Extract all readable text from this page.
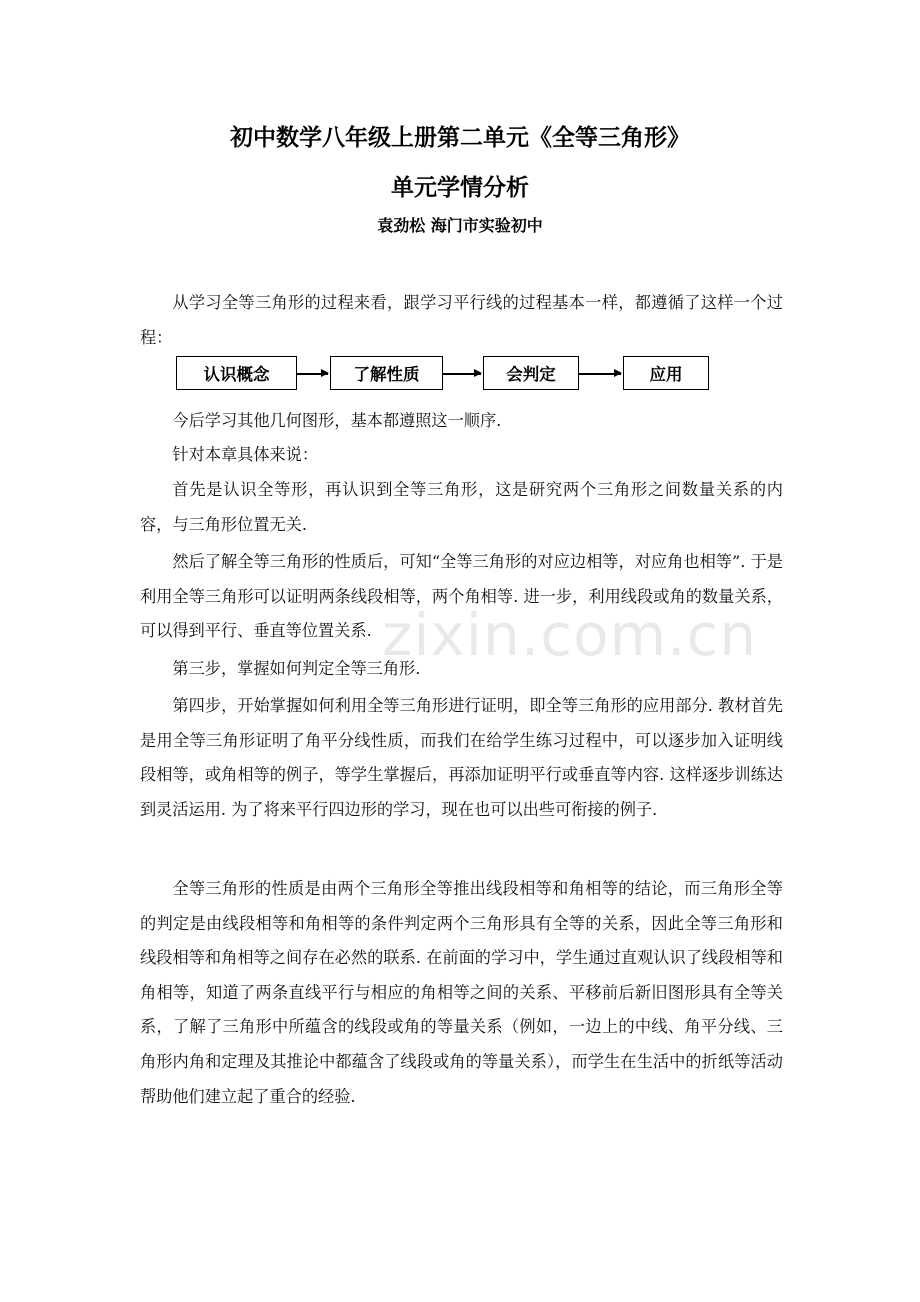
初中数学八年级上册第二单元《全等三角形》
单元学情分析

袁劲松 海门市实验初中

从学习全等三角形的过程来看，跟学习平行线的过程基本一样，都遵循了这样一个过程：

认识概念	了解性质	会判定	应用

今后学习其他几何图形，基本都遵照这一顺序.

针对本章具体来说：

首先是认识全等形，再认识到全等三角形，这是研究两个三角形之间数量关系的内容，与三角形位置无关.

然后了解全等三角形的性质后，可知“全等三角形的对应边相等，对应角也相等”. 于是利用全等三角形可以证明两条线段相等，两个角相等. 进一步，利用线段或角的数量关系，可以得到平行、垂直等位置关系.

第三步，掌握如何判定全等三角形.

第四步，开始掌握如何利用全等三角形进行证明，即全等三角形的应用部分. 教材首先是用全等三角形证明了角平分线性质，而我们在给学生练习过程中，可以逐步加入证明线段相等，或角相等的例子，等学生掌握后，再添加证明平行或垂直等内容. 这样逐步训练达到灵活运用. 为了将来平行四边形的学习，现在也可以出些可衔接的例子.

全等三角形的性质是由两个三角形全等推出线段相等和角相等的结论，而三角形全等的判定是由线段相等和角相等的条件判定两个三角形具有全等的关系，因此全等三角形和线段相等和角相等之间存在必然的联系. 在前面的学习中，学生通过直观认识了线段相等和角相等，知道了两条直线平行与相应的角相等之间的关系、平移前后新旧图形具有全等关系，了解了三角形中所蕴含的线段或角的等量关系（例如，一边上的中线、角平分线、三角形内角和定理及其推论中都蕴含了线段或角的等量关系），而学生在生活中的折纸等活动帮助他们建立起了重合的经验.

zixin.com.cn
